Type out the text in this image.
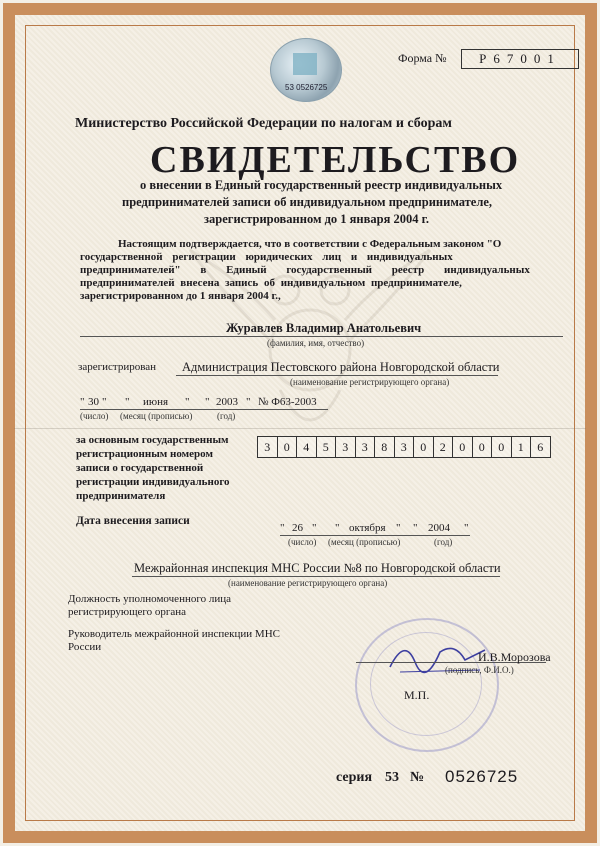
53 0526725
Форма №	Р67001
Министерство Российской Федерации по налогам и сборам
СВИДЕТЕЛЬСТВО
о внесении в Единый государственный реестр индивидуальных
предпринимателей записи об индивидуальном предпринимателе,
зарегистрированном до 1 января 2004 г.
Настоящим подтверждается, что в соответствии с Федеральным законом "О
государственной регистрации юридических лиц и индивидуальных
предпринимателей" в Единый государственный реестр индивидуальных
предпринимателей внесена запись об индивидуальном предпринимателе,
зарегистрированном до 1 января 2004 г.,
Журавлев Владимир Анатольевич
(фамилия, имя, отчество)
зарегистрирован Администрация Пестовского района Новгородской области
(наименование регистрирующего органа)
" 30 " " июня " " 2003 " № Ф63-2003
(число) (месяц (прописью)	(год)
за основным государственным
регистрационным номером
записи о государственной
регистрации индивидуального
предпринимателя
3	0	4	5	3	3	8	3	0	2	0	0	0	1	6
Дата внесения записи
" 26 " " октября " " 2004 "
(число) (месяц (прописью)	(год)
Межрайонная инспекция МНС России №8 по Новгородской области
(наименование регистрирующего органа)
Должность уполномоченного лица
регистрирующего органа
Руководитель межрайонной инспекции МНС
России
И.В.Морозова
(подпись, Ф.И.О.)
М.П.
серия 53 № 0526725
